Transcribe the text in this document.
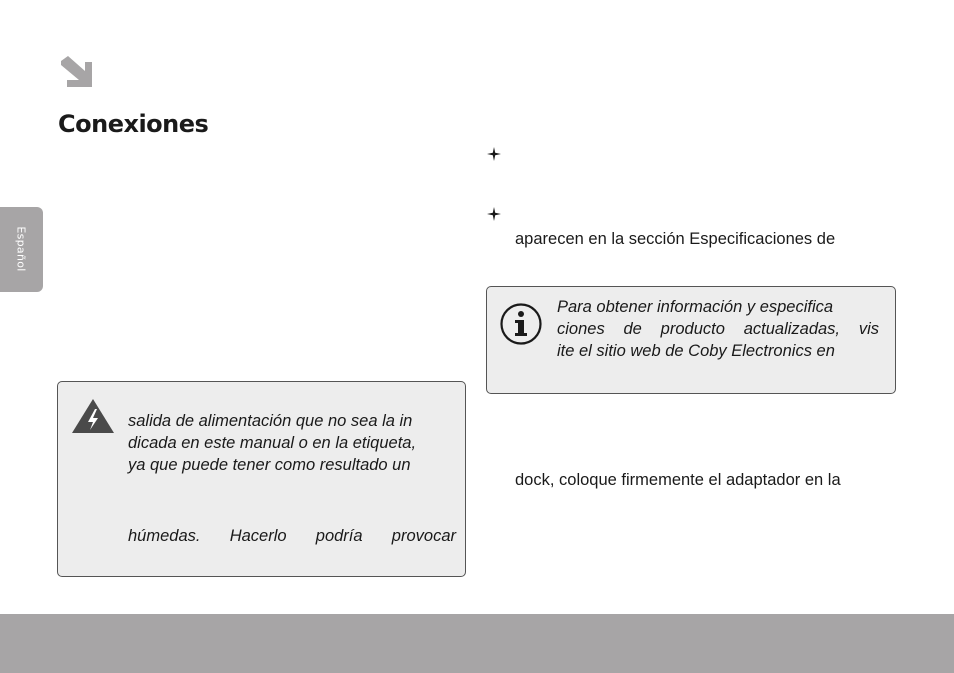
Conexiones
Español	aparecen en la sección Especificaciones de
Para obtener información y especifica
ciones de producto actualizadas, vis
ite el sitio web de Coby Electronics en
dock, coloque firmemente el adaptador en la
salida de alimentación que no sea la in
dicada en este manual o en la etiqueta,
ya que puede tener como resultado un
húmedas. Hacerlo podría provocar
